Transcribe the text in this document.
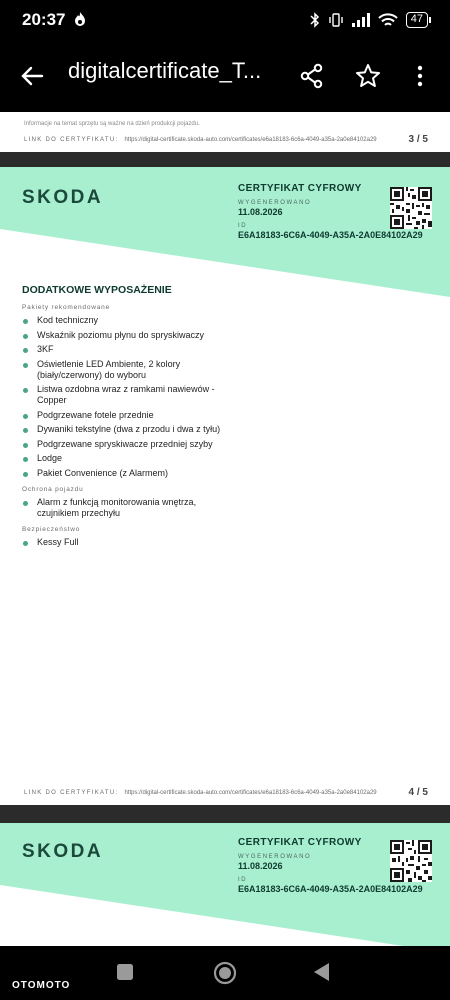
20:37	47
digitalcertificate_T...
Informacje na temat sprzętu są ważne na dzień produkcji pojazdu.
LINK DO CERTYFIKATU: https://digital-certificate.skoda-auto.com/certificates/e6a18183-6c6a-4049-a35a-2a0e84102a29	3 / 5
SKODA	CERTYFIKAT CYFROWY
WYGENEROWANO
11.08.2026
ID
E6A18183-6C6A-4049-A35A-2A0E84102A29
DODATKOWE WYPOSAŻENIE
Pakiety rekomendowane
Kod techniczny
Wskaźnik poziomu płynu do spryskiwaczy
3KF
Oświetlenie LED Ambiente, 2 kolory (biały/czerwony) do wyboru
Listwa ozdobna wraz z ramkami nawiewów - Copper
Podgrzewane fotele przednie
Dywaniki tekstylne (dwa z przodu i dwa z tyłu)
Podgrzewane spryskiwacze przedniej szyby
Lodge
Pakiet Convenience (z Alarmem)
Ochrona pojazdu
Alarm z funkcją monitorowania wnętrza, czujnikiem przechyłu
Bezpieczeństwo
Kessy Full
LINK DO CERTYFIKATU: https://digital-certificate.skoda-auto.com/certificates/e6a18183-6c6a-4049-a35a-2a0e84102a29	4 / 5
SKODA	CERTYFIKAT CYFROWY
WYGENEROWANO
11.08.2026
ID
E6A18183-6C6A-4049-A35A-2A0E84102A29
OTOMOTO
